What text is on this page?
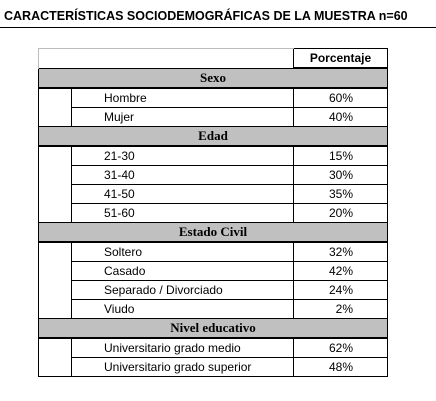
CARACTERÍSTICAS SOCIODEMOGRÁFICAS DE LA MUESTRA n=60
		Porcentaje
Sexo		
	Hombre	60%
	Mujer	40%
Edad		
	21-30	15%
	31-40	30%
	41-50	35%
	51-60	20%
Estado Civil		
	Soltero	32%
	Casado	42%
	Separado / Divorciado	24%
	Viudo	2%
Nivel educativo		
	Universitario grado medio	62%
	Universitario grado superior	48%
